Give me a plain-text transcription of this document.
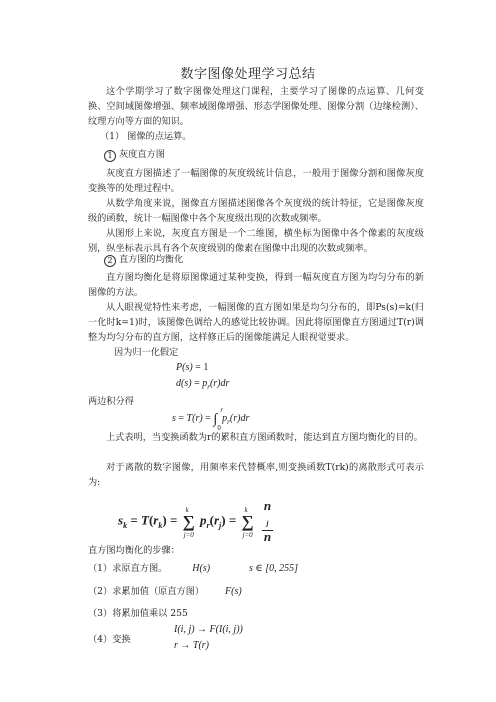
数字图像处理学习总结

这个学期学习了数字图像处理这门课程，主要学习了图像的点运算、几何变换、空间域图像增强、频率域图像增强、形态学图像处理、图像分割（边缘检测）、纹理方向等方面的知识。

（1） 图像的点运算。
1 灰度直方图

灰度直方图描述了一幅图像的灰度级统计信息，一般用于图像分割和图像灰度变换等的处理过程中。

从数学角度来说，图像直方图描述图像各个灰度级的统计特征，它是图像灰度级的函数，统计一幅图像中各个灰度级出现的次数或频率。

从图形上来说，灰度直方图是一个二维图，横坐标为图像中各个像素的灰度级别，纵坐标表示具有各个灰度级别的像素在图像中出现的次数或频率。

2 直方图的均衡化

直方图均衡化是将原图像通过某种变换，得到一幅灰度直方图为均匀分布的新图像的方法。

从人眼视觉特性来考虑，一幅图像的直方图如果是均匀分布的，即Ps(s)=k(归一化时k=1)时，该图像色调给人的感觉比较协调。因此将原图像直方图通过T(r)调整为均匀分布的直方图，这样修正后的图像能满足人眼视觉要求。

因为归一化假定
P(s) = 1
$d(s) = p_r(r)dr$
两边积分得
s = T(r) = ∫
r
0
$p_r(r)dr$

上式表明，当变换函数为r的累积直方图函数时，能达到直方图均衡化的目的。

对于离散的数字图像，用频率来代替概率,则变换函数T(rk)的离散形式可表示为:

$s_k = T(r_k)$ =
k
∑
j=0
$p_r(r_j)$ =
k
∑
j=0
n
$_j$
n
直方图均衡化的步骤：
（1）求原直方图。 H(s)	s ∈ [0, 255]
（2）求累加值（原直方图） F(s)
（3）将累加值乘以 255
（4）变换
I(i, j) → F(I(i, j))
r → T(r)
